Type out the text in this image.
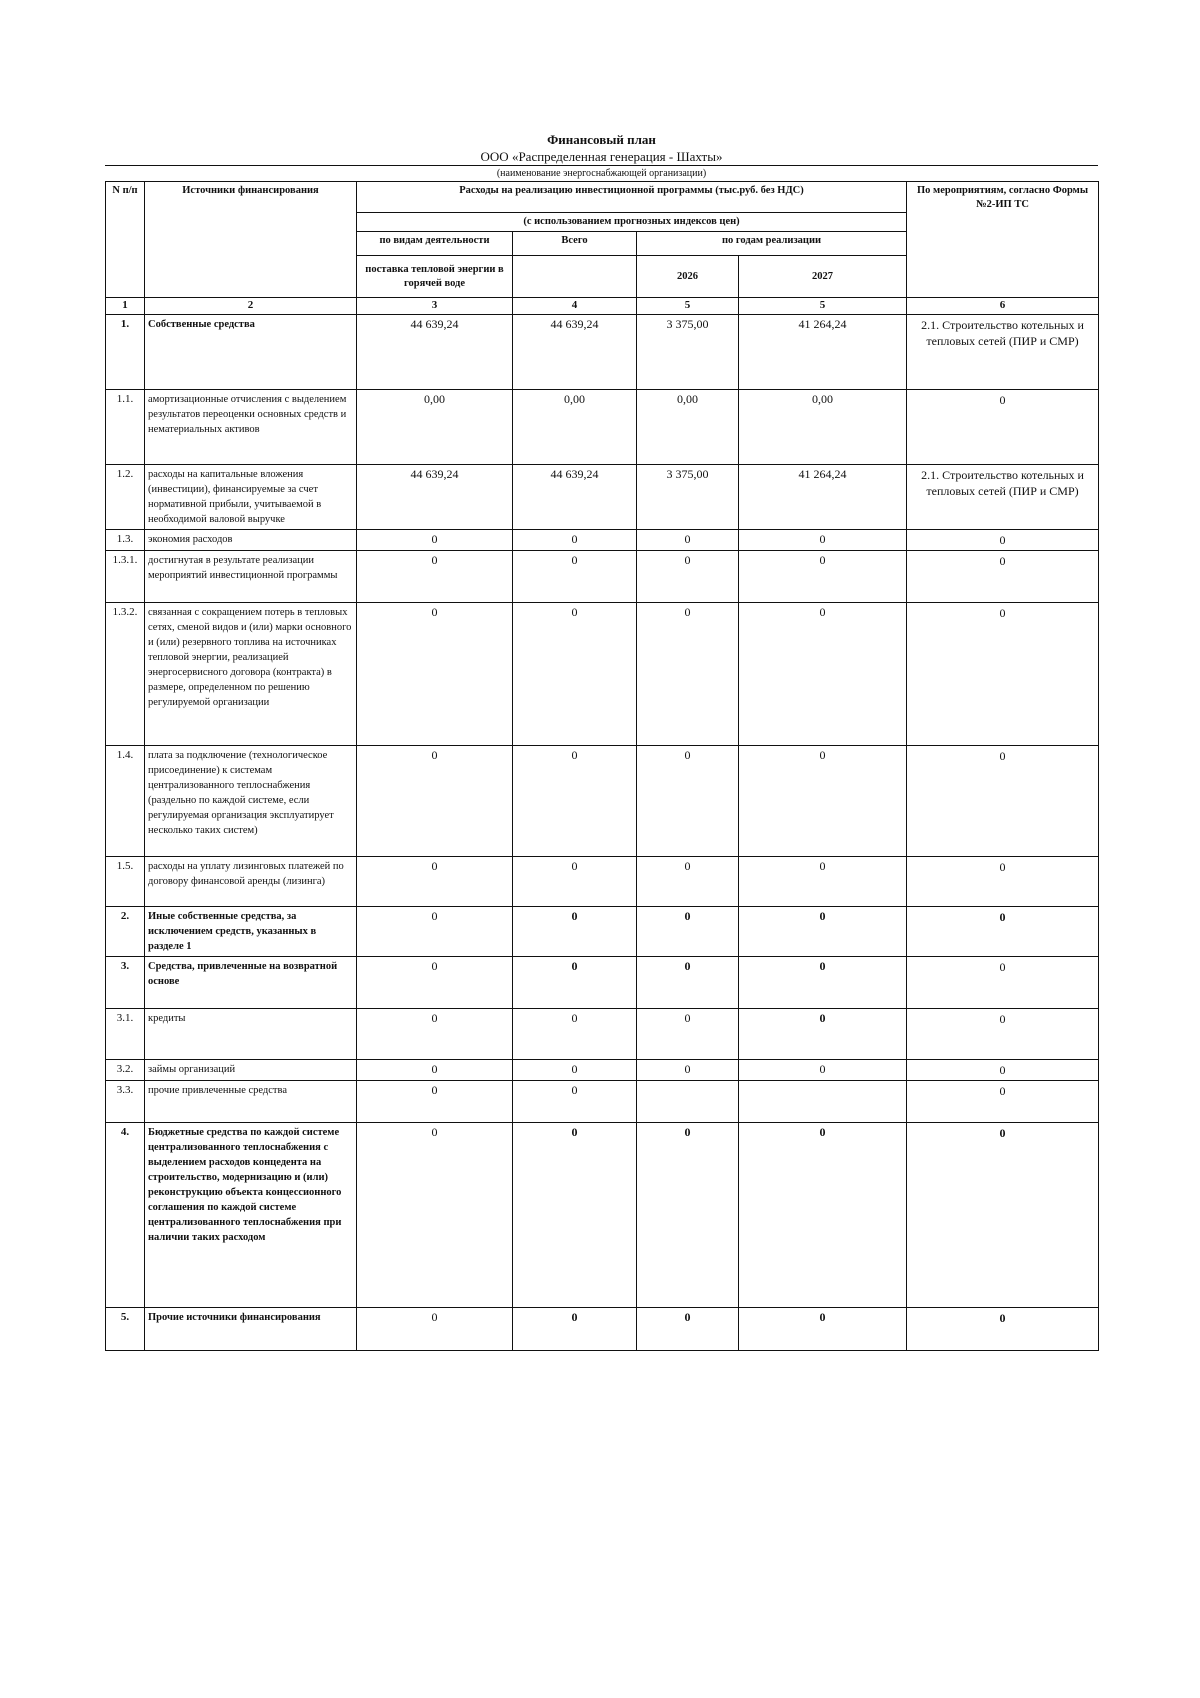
Финансовый план
ООО «Распределенная генерация - Шахты»
(наименование энергоснабжающей организации)
N п/п	Источники финансирования	Расходы на реализацию инвестиционной программы (тыс.руб. без НДС)				По мероприятиям, согласно Формы №2-ИП ТС
		(с использованием прогнозных индексов цен)				
		по видам деятельности	Всего	по годам реализации		
		поставка тепловой энергии в горячей воде		2026	2027	

1	2	3	4	5	5	6
1.	Собственные средства	44 639,24	44 639,24	3 375,00	41 264,24	2.1. Строительство котельных и тепловых сетей (ПИР и СМР)
1.1.	амортизационные отчисления с выделением результатов переоценки основных средств и нематериальных активов	0,00	0,00	0,00	0,00	0
1.2.	расходы на капитальные вложения (инвестиции), финансируемые за счет нормативной прибыли, учитываемой в необходимой валовой выручке	44 639,24	44 639,24	3 375,00	41 264,24	2.1. Строительство котельных и тепловых сетей (ПИР и СМР)
1.3.	экономия расходов	0	0	0	0	0
1.3.1.	достигнутая в результате реализации мероприятий инвестиционной программы	0	0	0	0	0
1.3.2.	связанная с сокращением потерь в тепловых сетях, сменой видов и (или) марки основного и (или) резервного топлива на источниках тепловой энергии, реализацией энергосервисного договора (контракта) в размере, определенном по решению регулируемой организации	0	0	0	0	0
1.4.	плата за подключение (технологическое присоединение) к системам централизованного теплоснабжения (раздельно по каждой системе, если регулируемая организация эксплуатирует несколько таких систем)	0	0	0	0	0
1.5.	расходы на уплату лизинговых платежей по договору финансовой аренды (лизинга)	0	0	0	0	0
2.	Иные собственные средства, за исключением средств, указанных в разделе 1	0	0	0	0	0
3.	Средства, привлеченные на возвратной основе	0	0	0	0	0
3.1.	кредиты	0	0	0	0	0
3.2.	займы организаций	0	0	0	0	0
3.3.	прочие привлеченные средства	0	0			0
4.	Бюджетные средства по каждой системе централизованного теплоснабжения с выделением расходов концедента на строительство, модернизацию и (или) реконструкцию объекта концессионного соглашения по каждой системе централизованного теплоснабжения при наличии таких расходом	0	0	0	0	0
5.	Прочие источники финансирования	0	0	0	0	0
